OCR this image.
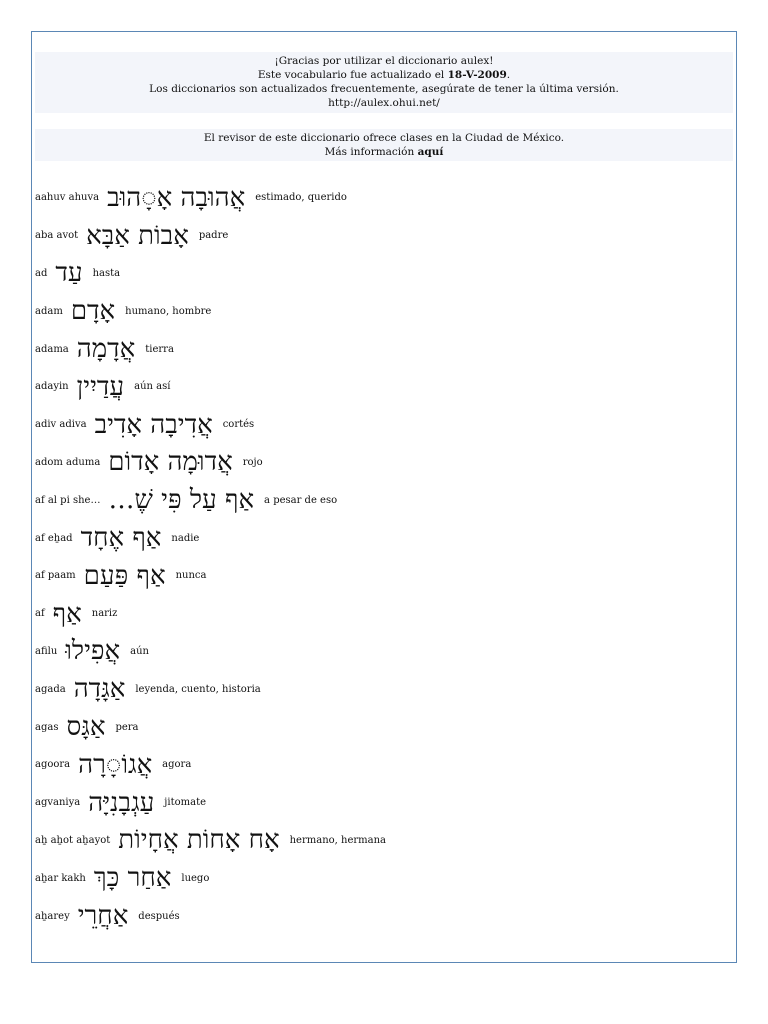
¡Gracias por utilizar el diccionario aulex!
Este vocabulario fue actualizado el 18-V-2009.
Los diccionarios son actualizados frecuentemente, asegúrate de tener la última versión.
http://aulex.ohui.net/
El revisor de este diccionario ofrece clases en la Ciudad de México.
Más información aquí
aahuv ahuva אֲהוּבָה אָ◌ָהוּב estimado, querido
aba avot אָבוֹת אַבָּא padre
ad עַד hasta
adam אָדָם humano, hombre
adama אֲדָמָה tierra
adayin עֲדַיִין aún así
adiv adiva אֲדִיבָה אָדִיב cortés
adom aduma אֲדוּמָה אָדוֹם rojo
af al pi she… אַף עַל פִּי שֶׁ… a pesar de eso
af eẖad אַף אֶחָד nadie
af paam אַף פַּעַם nunca
af אַף nariz
afilu אֲפִילוּ aún
agada אַגָּדָה leyenda, cuento, historia
agas אַגָּס pera
agoora אֲגוֹ◌ָרָה agora
agvaniya עַגְבָנִיָּה jitomate
aẖ aẖot aẖayot אָח אָחוֹת אֲחָיוֹת hermano, hermana
aẖar kakh אַחַר כָּךְ luego
aẖarey אַחֲרֵי después
